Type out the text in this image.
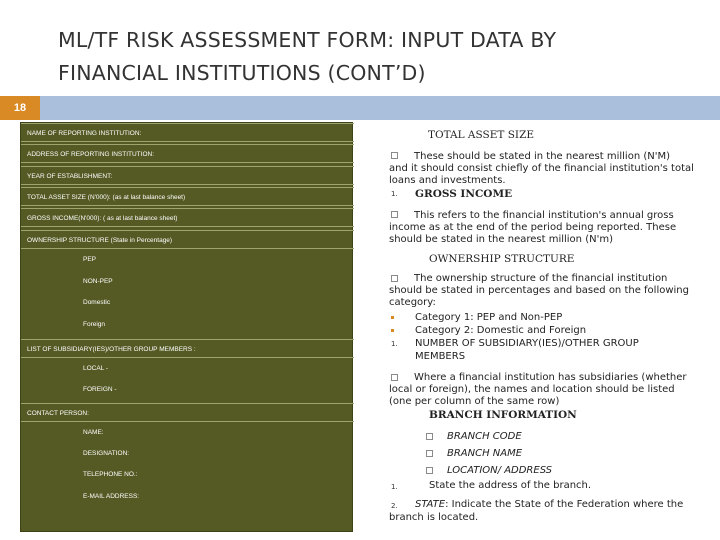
ML/TF RISK ASSESSMENT FORM: INPUT DATA BY
FINANCIAL INSTITUTIONS (CONT’D)
18
NAME OF REPORTING INSTITUTION:
ADDRESS OF REPORTING INSTITUTION:
YEAR OF ESTABLISHMENT:
TOTAL ASSET SIZE (N'000): (as at last balance sheet)
GROSS INCOME(N'000): ( as at last balance sheet)
OWNERSHIP STRUCTURE (State in Percentage)
PEP
NON-PEP
Domestic
Foreign
LIST OF SUBSIDIARY(IES)/OTHER GROUP MEMBERS :
LOCAL -
FOREIGN -
CONTACT PERSON:
NAME:
DESIGNATION:
TELEPHONE NO.:
E-MAIL ADDRESS:
TOTAL ASSET SIZE
These should be stated in the nearest million (N'M)
and it should consist chiefly of the financial institution's total
loans and investments.
1. GROSS INCOME
This refers to the financial institution's annual gross
income as at the end of the period being reported. These
should be stated in the nearest million (N'm)
OWNERSHIP STRUCTURE
The ownership structure of the financial institution
should be stated in percentages and based on the following
category:
Category 1: PEP and Non-PEP
Category 2: Domestic and Foreign
1. NUMBER OF SUBSIDIARY(IES)/OTHER GROUP
MEMBERS
Where a financial institution has subsidiaries (whether
local or foreign), the names and location should be listed
(one per column of the same row)
BRANCH INFORMATION
BRANCH CODE
BRANCH NAME
LOCATION/ ADDRESS
1.	State the address of the branch.
2. STATE: Indicate the State of the Federation where the
branch is located.
